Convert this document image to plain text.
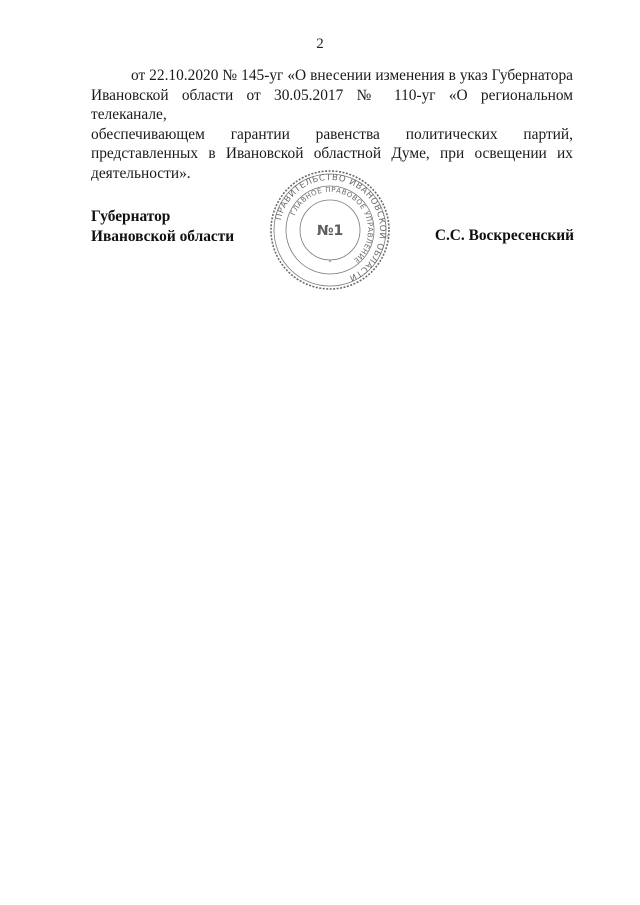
2
от 22.10.2020 № 145-уг «О внесении изменения в указ Губернатора
Ивановской области от 30.05.2017 № 110-уг «О региональном телеканале,
обеспечивающем гарантии равенства политических партий,
представленных в Ивановской областной Думе, при освещении их
деятельности».
Губернатор
Ивановской области
ПРАВИТЕЛЬСТВО ИВАНОВСКОЙ ОБЛАСТИ
ГЛАВНОЕ ПРАВОВОЕ УПРАВЛЕНИЕ
№1
*
С.С. Воскресенский
